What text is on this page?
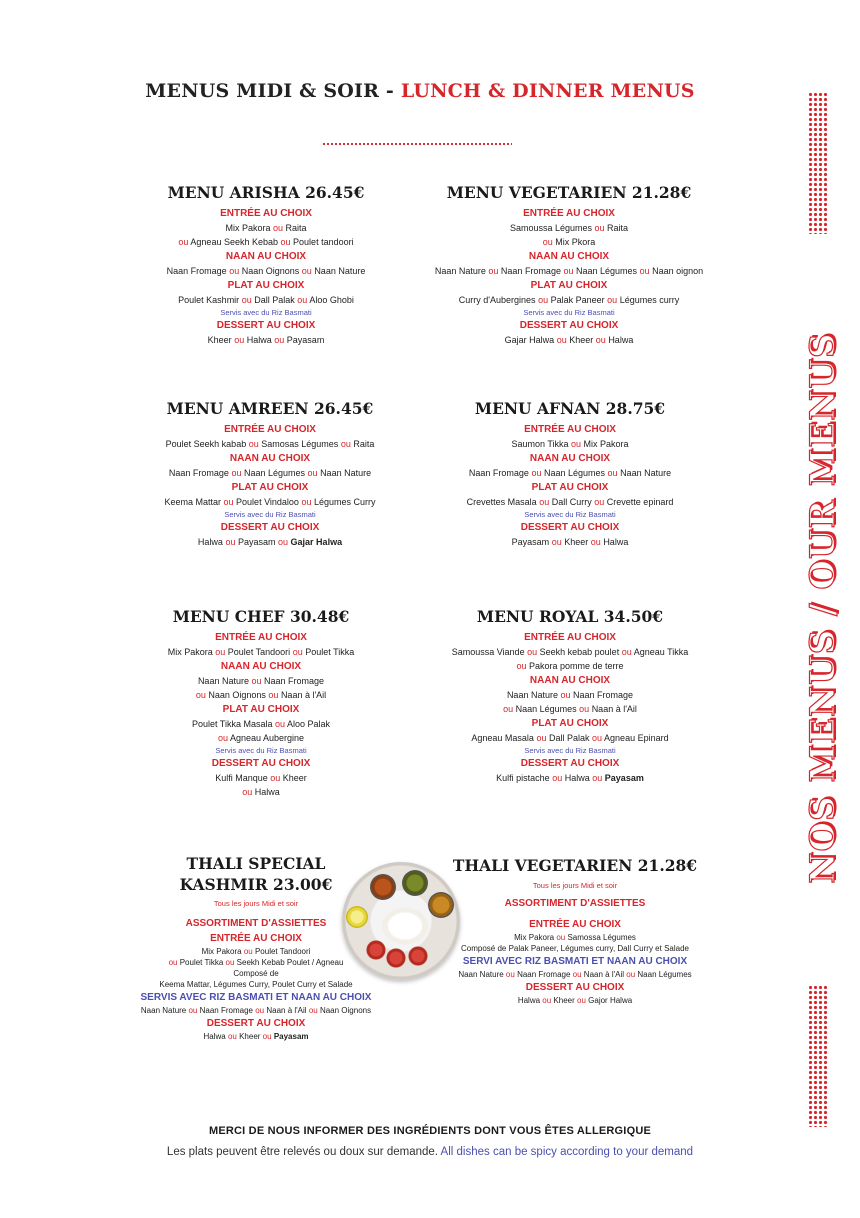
MENUS MIDI & SOIR - LUNCH & DINNER MENUS
NOS MENUS / OUR MENUS
MENU ARISHA 26.45€
ENTRÉE AU CHOIX
Mix Pakora ou Raita
ou Agneau Seekh Kebab ou Poulet tandoori
NAAN AU CHOIX
Naan Fromage ou Naan Oignons ou Naan Nature
PLAT AU CHOIX
Poulet Kashmir ou Dall Palak ou Aloo Ghobi
Servis avec du Riz Basmati
DESSERT AU CHOIX
Kheer ou Halwa ou Payasam
MENU VEGETARIEN 21.28€
ENTRÉE AU CHOIX
Samoussa Légumes ou Raita
ou Mix Pkora
NAAN AU CHOIX
Naan Nature ou Naan Fromage ou Naan Légumes ou Naan oignon
PLAT AU CHOIX
Curry d'Aubergines ou Palak Paneer ou Légumes curry
Servis avec du Riz Basmati
DESSERT AU CHOIX
Gajar Halwa ou Kheer ou Halwa
MENU AMREEN 26.45€
ENTRÉE AU CHOIX
Poulet Seekh kabab ou Samosas Légumes ou Raita
NAAN AU CHOIX
Naan Fromage ou Naan Légumes ou Naan Nature
PLAT AU CHOIX
Keema Mattar ou Poulet Vindaloo ou Légumes Curry
Servis avec du Riz Basmati
DESSERT AU CHOIX
Halwa ou Payasam ou Gajar Halwa
MENU AFNAN 28.75€
ENTRÉE AU CHOIX
Saumon Tikka ou Mix Pakora
NAAN AU CHOIX
Naan Fromage ou Naan Légumes ou Naan Nature
PLAT AU CHOIX
Crevettes Masala ou Dall Curry ou Crevette epinard
Servis avec du Riz Basmati
DESSERT AU CHOIX
Payasam ou Kheer ou Halwa
MENU CHEF 30.48€
ENTRÉE AU CHOIX
Mix Pakora ou Poulet Tandoori ou Poulet Tikka
NAAN AU CHOIX
Naan Nature ou Naan Fromage
ou Naan Oignons ou Naan à l'Ail
PLAT AU CHOIX
Poulet Tikka Masala ou Aloo Palak
ou Agneau Aubergine
Servis avec du Riz Basmati
DESSERT AU CHOIX
Kulfi Manque ou Kheer
ou Halwa
MENU ROYAL 34.50€
ENTRÉE AU CHOIX
Samoussa Viande ou Seekh kebab poulet ou Agneau Tikka
ou Pakora pomme de terre
NAAN AU CHOIX
Naan Nature ou Naan Fromage
ou Naan Légumes ou Naan à l'Ail
PLAT AU CHOIX
Agneau Masala ou Dall Palak ou Agneau Epinard
Servis avec du Riz Basmati
DESSERT AU CHOIX
Kulfi pistache ou Halwa ou Payasam
THALI SPECIAL
KASHMIR 23.00€
Tous les jours Midi et soir
ASSORTIMENT D'ASSIETTES
ENTRÉE AU CHOIX
Mix Pakora ou Poulet Tandoori
ou Poulet Tikka ou Seekh Kebab Poulet / Agneau
Composé de
Keema Mattar, Légumes Curry, Poulet Curry et Salade
SERVIS AVEC RIZ BASMATI ET NAAN AU CHOIX
Naan Nature ou Naan Fromage ou Naan à l'Ail ou Naan Oignons
DESSERT AU CHOIX
Halwa ou Kheer ou Payasam
THALI VEGETARIEN 21.28€
Tous les jours Midi et soir
ASSORTIMENT D'ASSIETTES
ENTRÉE AU CHOIX
Mix Pakora ou Samossa Légumes
Composé de Palak Paneer, Légumes curry, Dall Curry et Salade
SERVI AVEC RIZ BASMATI ET NAAN AU CHOIX
Naan Nature ou Naan Fromage ou Naan à l'Ail ou Naan Légumes
DESSERT AU CHOIX
Halwa ou Kheer ou Gajor Halwa
MERCI DE NOUS INFORMER DES INGRÉDIENTS DONT VOUS ÊTES ALLERGIQUE
Les plats peuvent être relevés ou doux sur demande. All dishes can be spicy according to your demand
